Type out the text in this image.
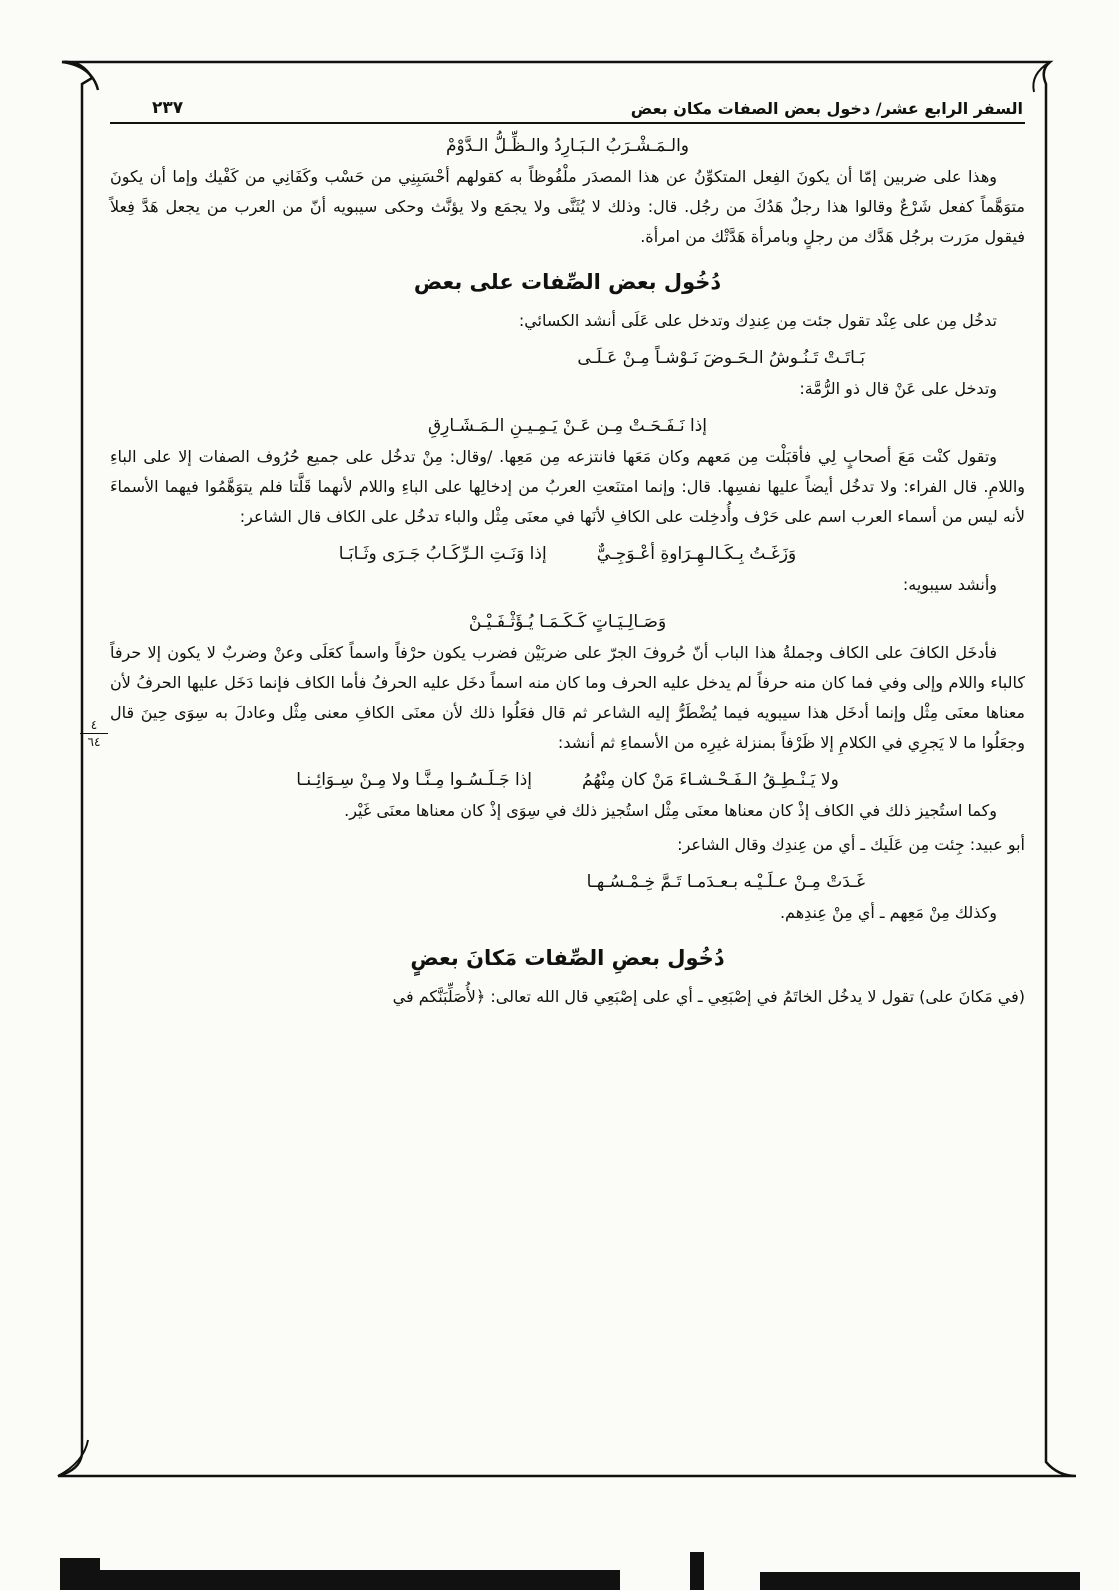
السفر الرابع عشر/ دخول بعض الصفات مكان بعض
٢٣٧
٤
٦٤
والـمَـشْـرَبُ الـبَـارِدُ والـظِّـلُّ الـدَّوْمْ

وهذا على ضربين إمّا أن يكونَ الفِعل المتكوِّنُ عن هذا المصدَر ملْفُوظاً به كقولهم أحْسَبِنِي من حَسْب وكَفَانِي من كَفْيك وإما أن يكونَ متوَهَّماً كفعل شَرْعٌ وقالوا هذا رجلٌ هَدُكَ من رجُل. قال: وذلك لا يُثَنَّى ولا يجمَع ولا يؤنَّث وحكى سيبويه أنّ من العرب من يجعل هَدَّ فِعلاً فيقول مرَرت برجُل هَدَّك من رجلٍ وبامرأة هَدَّتْك من امرأة.

دُخُول بعض الصِّفات على بعض
تدخُل مِن على عِنْد تقول جئت مِن عِندِك وتدخل على عَلَى أنشد الكسائي:
بَـاتَـتْ تَـنُـوشُ الـحَـوضَ نَـوْشـاً مِـنْ عَـلَـى
وتدخل على عَنْ قال ذو الرُّمَّة:
إذا نَـفَـحَـتْ مِـن عَـنْ يَـمِـيـنِ الـمَـشَـارِقِ

وتقول كنْت مَعَ أصحابٍ لِي فأقبَلْت مِن مَعهم وكان مَعَها فانتزعه مِن مَعِها. /وقال: مِنْ تدخُل على جميع حُرُوف الصفات إلا على الباءِ واللامِ. قال الفراء: ولا تدخُل أيضاً عليها نفسِها. قال: وإنما امتنَعتِ العربُ من إدخالِها على الباءِ واللام لأنهما قَلَّتا فلم يتوَهَّمُوا فيهما الأسماءَ لأنه ليس من أسماء العرب اسم على حَرْف وأُدخِلت على الكافِ لأنَها في معنَى مِثْل والباء تدخُل على الكاف قال الشاعر:

وَزَغَـتُ بِـكَـالـهِـرَاوةِ أعْـوَجِـيٌّ
إذا وَنَـتِ الـرِّكَـابُ جَـرَى وثَـابَـا
وأنشد سيبويه:
وَصَـالِـيَـاتٍ كَـكَـمَـا يُـؤَثْـفَـيْـنْ

فأدخَل الكافَ على الكاف وجملةُ هذا الباب أنّ حُروفَ الجرّ على ضربَيْن فضرب يكون حرْفاً واسماً كعَلَى وعنْ وضربٌ لا يكون إلا حرفاً كالباء واللام وإلى وفي فما كان منه حرفاً لم يدخل عليه الحرف وما كان منه اسماً دخَل عليه الحرفُ فأما الكاف فإنما دَخَل عليها الحرفُ لأن معناها معنَى مِثْل وإنما أدخَل هذا سيبويه فيما يُضْطَرُّ إليه الشاعر ثم قال فعَلُوا ذلك لأن معنَى الكافِ معنى مِثْل وعادلَ به سِوَى حِينَ قال وجعَلُوا ما لا يَجرِي في الكلامِ إلا ظَرْفاً بمنزلة غيرِه من الأسماءِ ثم أنشد:

ولا يَـنْـطِـقُ الـفَـحْـشـاءَ مَنْ كان مِنْهُمُ
إذا جَـلَـسُـوا مِـنَّـا ولا مِـنْ سِـوَائِـنـا

وكما استُجيز ذلك في الكاف إذْ كان معناها معنَى مِثْل استُجيز ذلك في سِوَى إذْ كان معناها معنَى غَيْر.

أبو عبيد: جِئت مِن عَلَيك ـ أي من عِندِك وقال الشاعر:
غَـدَتْ مِـنْ عـلَـيْـه بـعـدَمـا تَـمَّ خِـمْـسُـهـا
وكذلك مِنْ مَعِهم ـ أي مِنْ عِندِهم.
دُخُول بعضِ الصِّفات مَكانَ بعضٍ
(في مَكانَ على) تقول لا يدخُل الخاتَمُ في إصْبَعِي ـ أي على إصْبَعِي قال الله تعالى: ﴿لأُصَلِّبَنَّكم في
